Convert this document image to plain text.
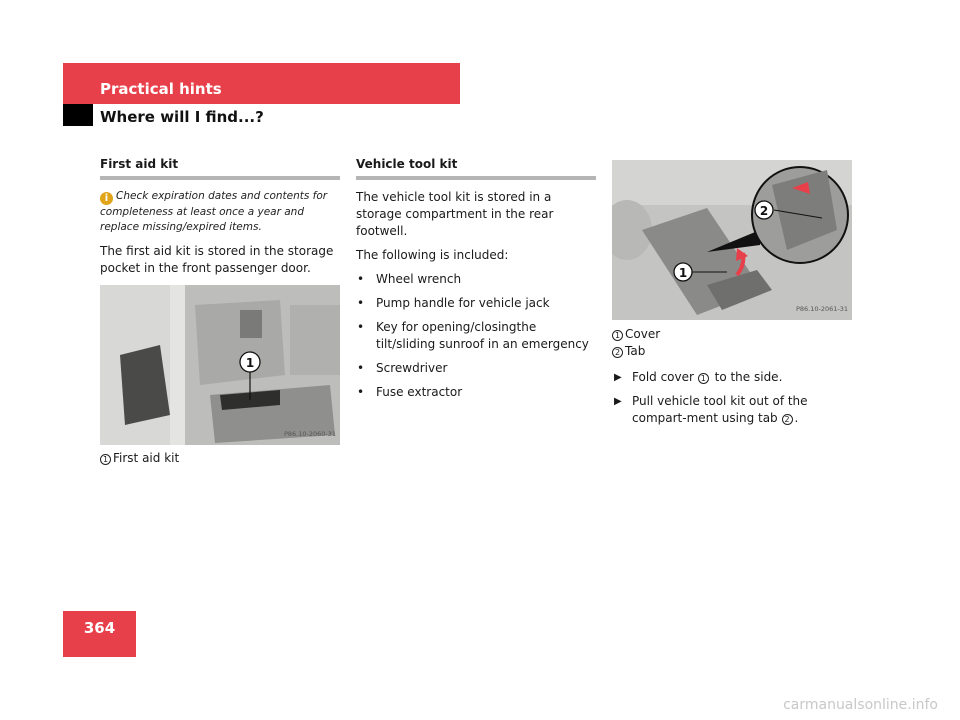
Practical hints
Where will I find...?
First aid kit
i Check expiration dates and contents for completeness at least once a year and replace missing/expired items.

The first aid kit is stored in the storage pocket in the front passenger door.

1
P86.10-2060-31
1 First aid kit
Vehicle tool kit

The vehicle tool kit is stored in a storage compartment in the rear footwell.

The following is included:

• Wheel wrench
• Pump handle for vehicle jack
• Key for opening/closingthe tilt/sliding sunroof in an emergency
• Screwdriver
• Fuse extractor
2
1
P86.10-2061-31
1 Cover
2 Tab
▶ Fold cover 1 to the side.
▶ Pull vehicle tool kit out of the compart-ment using tab 2 .
364
carmanualsonline.info
